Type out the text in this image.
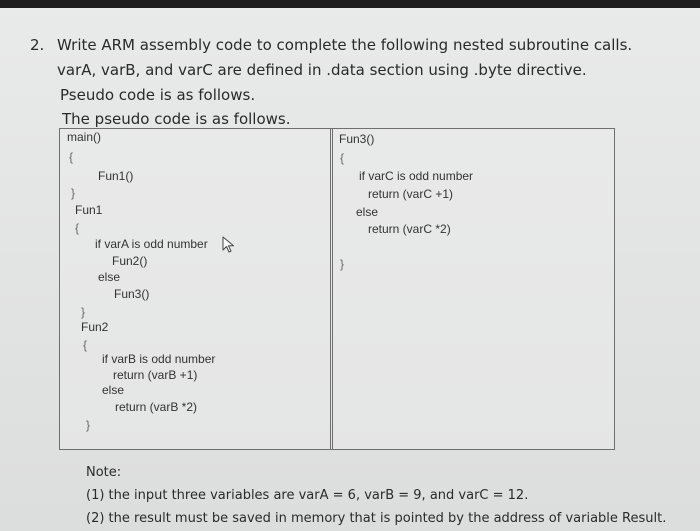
2. Write ARM assembly code to complete the following nested subroutine calls.
varA, varB, and varC are defined in .data section using .byte directive.
Pseudo code is as follows.
The pseudo code is as follows.
main()
{
Fun1()
}
Fun1
{
if varA is odd number
Fun2()
else
Fun3()
}
Fun2
{
if varB is odd number
return (varB +1)
else
return (varB *2)
}
Fun3()
{
if varC is odd number
return (varC +1)
else
return (varC *2)
}
Note:
(1) the input three variables are varA = 6, varB = 9, and varC = 12.
(2) the result must be saved in memory that is pointed by the address of variable Result.
